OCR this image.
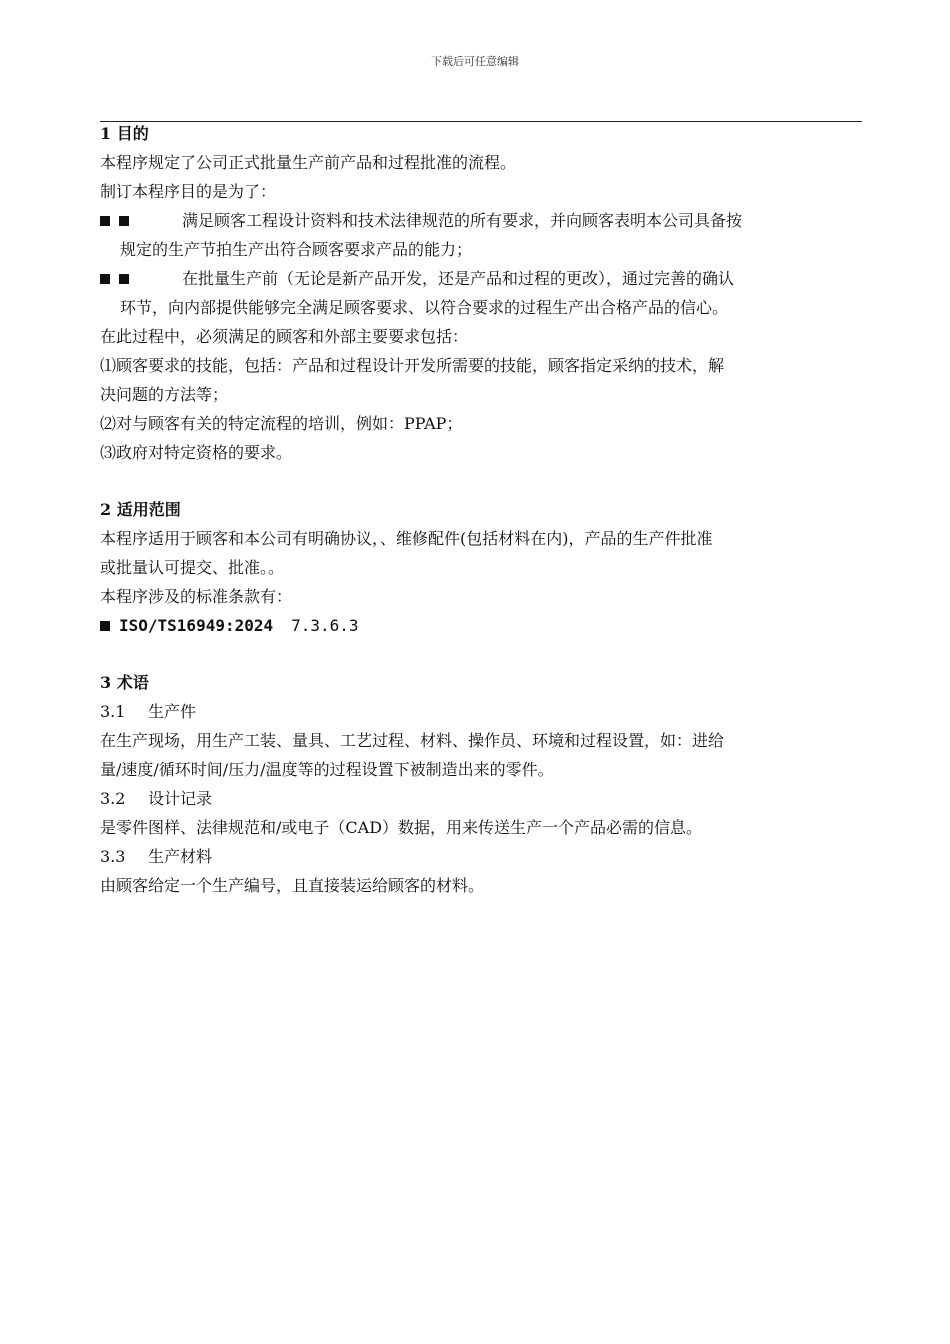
下载后可任意编辑
1 目的
本程序规定了公司正式批量生产前产品和过程批准的流程。
制订本程序目的是为了：
满足顾客工程设计资料和技术法律规范的所有要求，并向顾客表明本公司具备按
规定的生产节拍生产出符合顾客要求产品的能力；
在批量生产前（无论是新产品开发，还是产品和过程的更改），通过完善的确认
环节，向内部提供能够完全满足顾客要求、以符合要求的过程生产出合格产品的信心。
在此过程中，必须满足的顾客和外部主要要求包括：
⑴顾客要求的技能，包括：产品和过程设计开发所需要的技能，顾客指定采纳的技术，解
决问题的方法等；
⑵对与顾客有关的特定流程的培训，例如：PPAP；
⑶政府对特定资格的要求。
2 适用范围
本程序适用于顾客和本公司有明确协议，、维修配件(包括材料在内)，产品的生产件批准
或批量认可提交、批准。。
本程序涉及的标准条款有：
ISO/TS16949:2024 7.3.6.3
3 术语
3.1 生产件
在生产现场，用生产工装、量具、工艺过程、材料、操作员、环境和过程设置，如：进给
量/速度/循环时间/压力/温度等的过程设置下被制造出来的零件。
3.2 设计记录
是零件图样、法律规范和/或电子（CAD）数据，用来传送生产一个产品必需的信息。
3.3 生产材料
由顾客给定一个生产编号，且直接装运给顾客的材料。
